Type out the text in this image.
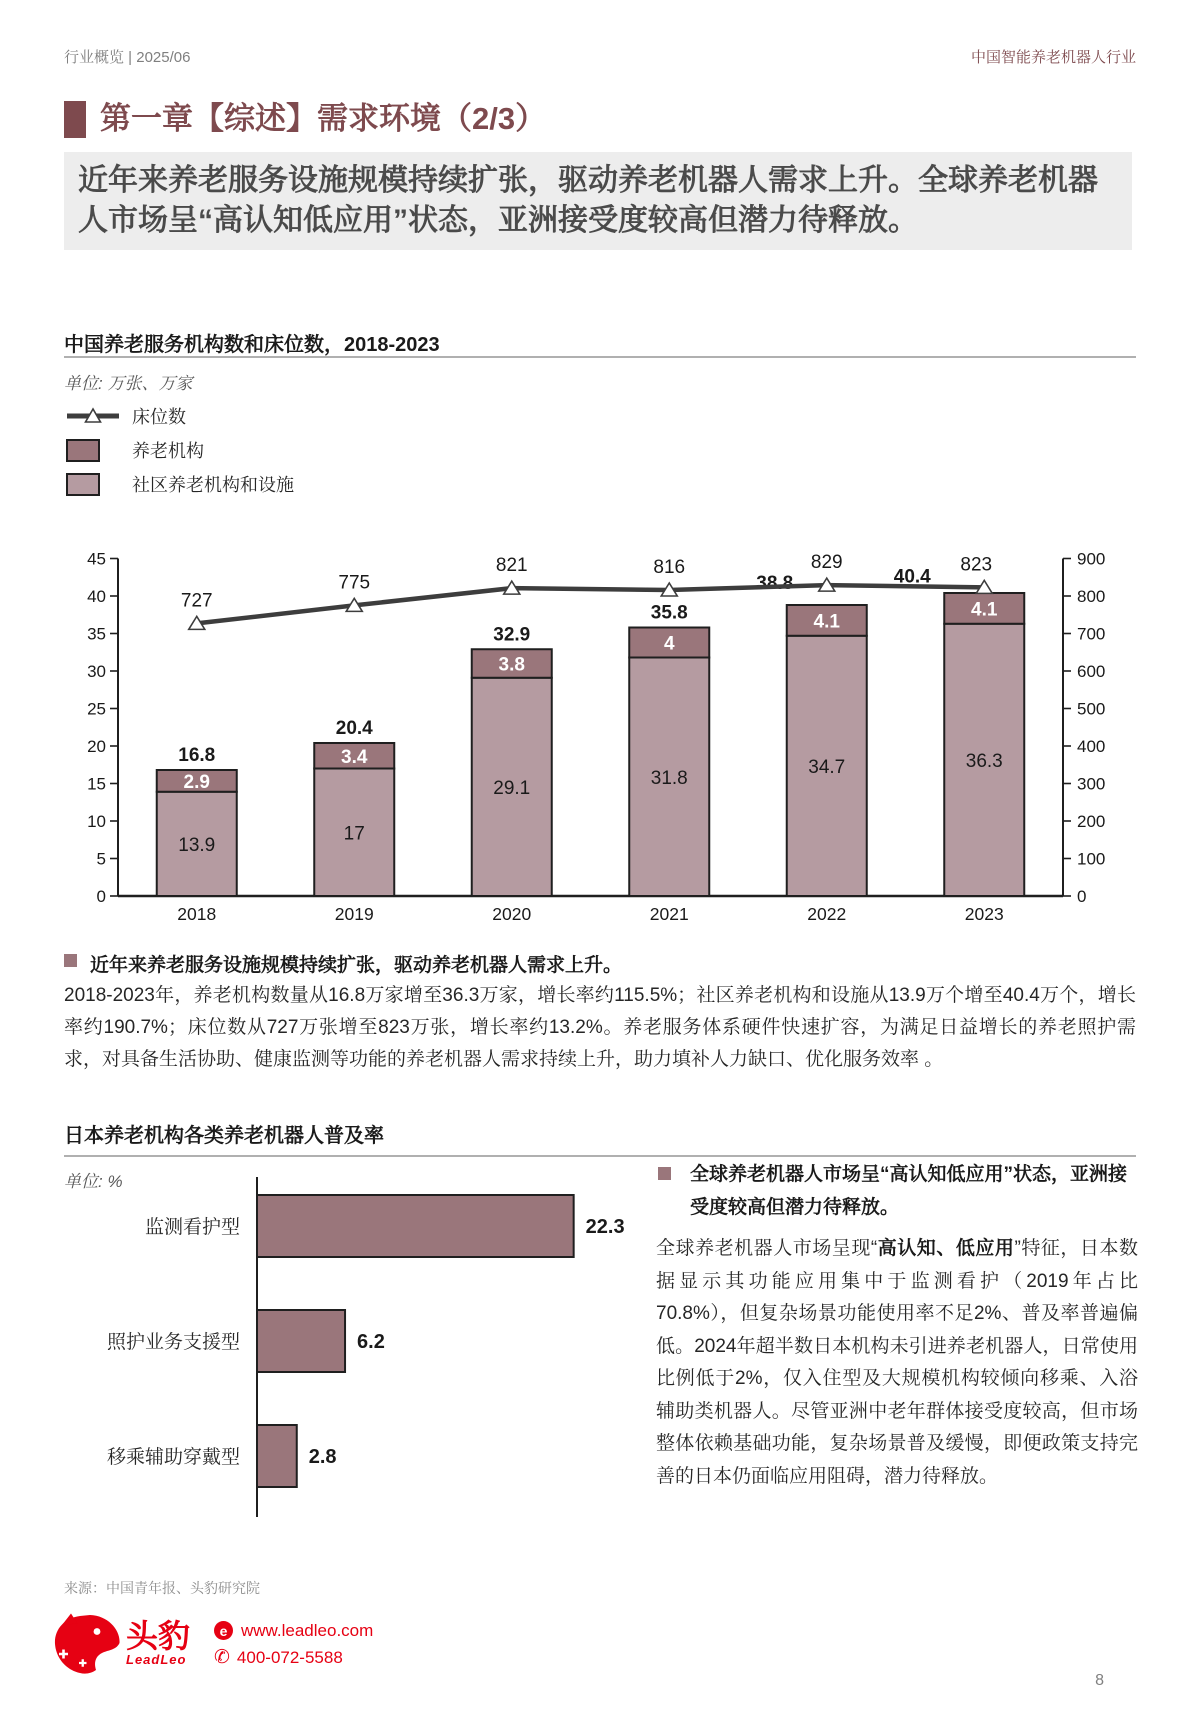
行业概览 | 2025/06	中国智能养老机器人行业
第一章【综述】需求环境（2/3）
近年来养老服务设施规模持续扩张，驱动养老机器人需求上升。全球养老机器人市场呈“高认知低应用”状态，亚洲接受度较高但潜力待释放。
中国养老服务机构数和床位数，2018-2023
单位: 万张、万家
床位数
养老机构
社区养老机构和设施
0
5
10
15
20
25
30
35
40
45
0
100
200
300
400
500
600
700
800
900
13.9
2.9
2018
17
3.4
2019
29.1
3.8
2020
31.8
4
2021
34.7
4.1
2022
36.3
4.1
2023
16.8
727
20.4
775
32.9
821
35.8
816
38.8
829
40.4
823
近年来养老服务设施规模持续扩张，驱动养老机器人需求上升。
2018-2023年，养老机构数量从16.8万家增至36.3万家，增长率约115.5%；社区养老机构和设施从13.9万个增至40.4万个，增长率约190.7%；床位数从727万张增至823万张，增长率约13.2%。养老服务体系硬件快速扩容，为满足日益增长的养老照护需求，对具备生活协助、健康监测等功能的养老机器人需求持续上升，助力填补人力缺口、优化服务效率 。
日本养老机构各类养老机器人普及率
单位: %
监测看护型	22.3
照护业务支援型	6.2
移乘辅助穿戴型	2.8
全球养老机器人市场呈“高认知低应用”状态，亚洲接受度较高但潜力待释放。
全球养老机器人市场呈现“高认知、低应用”特征，日本数据显示其功能应用集中于监测看护（2019年占比70.8%），但复杂场景功能使用率不足2%、普及率普遍偏低。2024年超半数日本机构未引进养老机器人，日常使用比例低于2%，仅入住型及大规模机构较倾向移乘、入浴辅助类机器人。尽管亚洲中老年群体接受度较高，但市场整体依赖基础功能，复杂场景普及缓慢，即便政策支持完善的日本仍面临应用阻碍，潜力待释放。
来源：中国青年报、头豹研究院
头豹
LeadLeo
e www.leadleo.com
✆ 400-072-5588
8
